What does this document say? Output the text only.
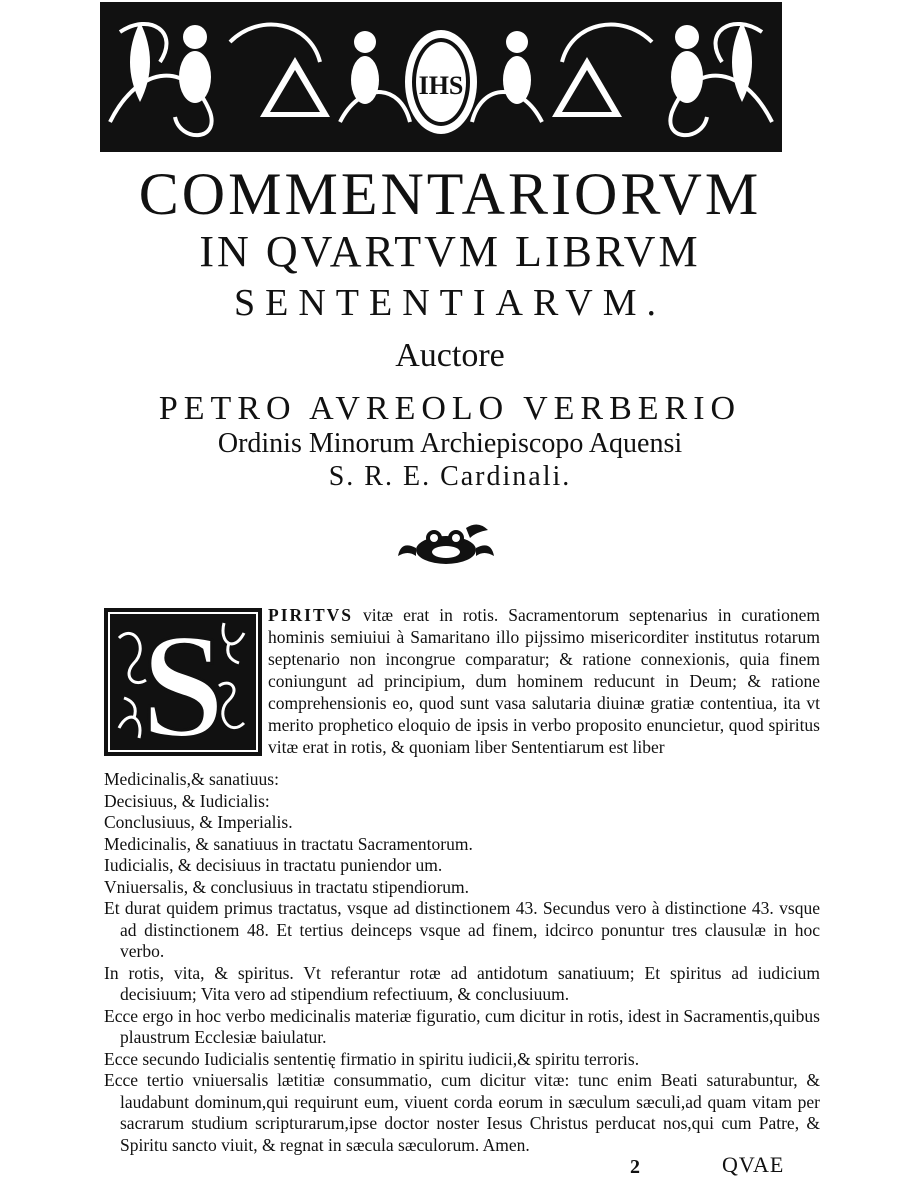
IHS
COMMENTARIORVM
IN QVARTVM LIBRVM
SENTENTIARVM.
Auctore
PETRO AVREOLO VERBERIO
Ordinis Minorum Archiepiscopo Aquensi
S. R. E. Cardinali.
S PIRITVS vitæ erat in rotis. Sacramentorum septenarius in curationem hominis semiuiui à Samaritano illo pijssimo misericorditer institutus rotarum septenario non incongrue comparatur; & ratione connexionis, quia finem coniungunt ad principium, dum hominem reducunt in Deum; & ratione comprehensionis eo, quod sunt vasa salutaria diuinæ gratiæ contentiua, ita vt merito prophetico eloquio de ipsis in verbo proposito enuncietur, quod spiritus vitæ erat in rotis, & quoniam liber Sententiarum est liber

Medicinalis,& sanatiuus:

Decisiuus, & Iudicialis:

Conclusiuus, & Imperialis.

Medicinalis, & sanatiuus in tractatu Sacramentorum.

Iudicialis, & decisiuus in tractatu puniendor um.

Vniuersalis, & conclusiuus in tractatu stipendiorum.

Et durat quidem primus tractatus, vsque ad distinctionem 43. Secundus vero à distinctione 43. vsque ad distinctionem 48. Et tertius deinceps vsque ad finem, idcirco ponuntur tres clausulæ in hoc verbo.

In rotis, vita, & spiritus. Vt referantur rotæ ad antidotum sanatiuum; Et spiritus ad iudicium decisiuum; Vita vero ad stipendium refectiuum, & conclusiuum.

Ecce ergo in hoc verbo medicinalis materiæ figuratio, cum dicitur in rotis, idest in Sacramentis,quibus plaustrum Ecclesiæ baiulatur.

Ecce secundo Iudicialis sententię firmatio in spiritu iudicii,& spiritu terroris.

Ecce tertio vniuersalis lætitiæ consummatio, cum dicitur vitæ: tunc enim Beati saturabuntur, & laudabunt dominum,qui requirunt eum, viuent corda eorum in sæculum sæculi,ad quam vitam per sacrarum studium scripturarum,ipse doctor noster Iesus Christus perducat nos,qui cum Patre, & Spiritu sancto viuit, & regnat in sæcula sæculorum. Amen.

2	QVAE
